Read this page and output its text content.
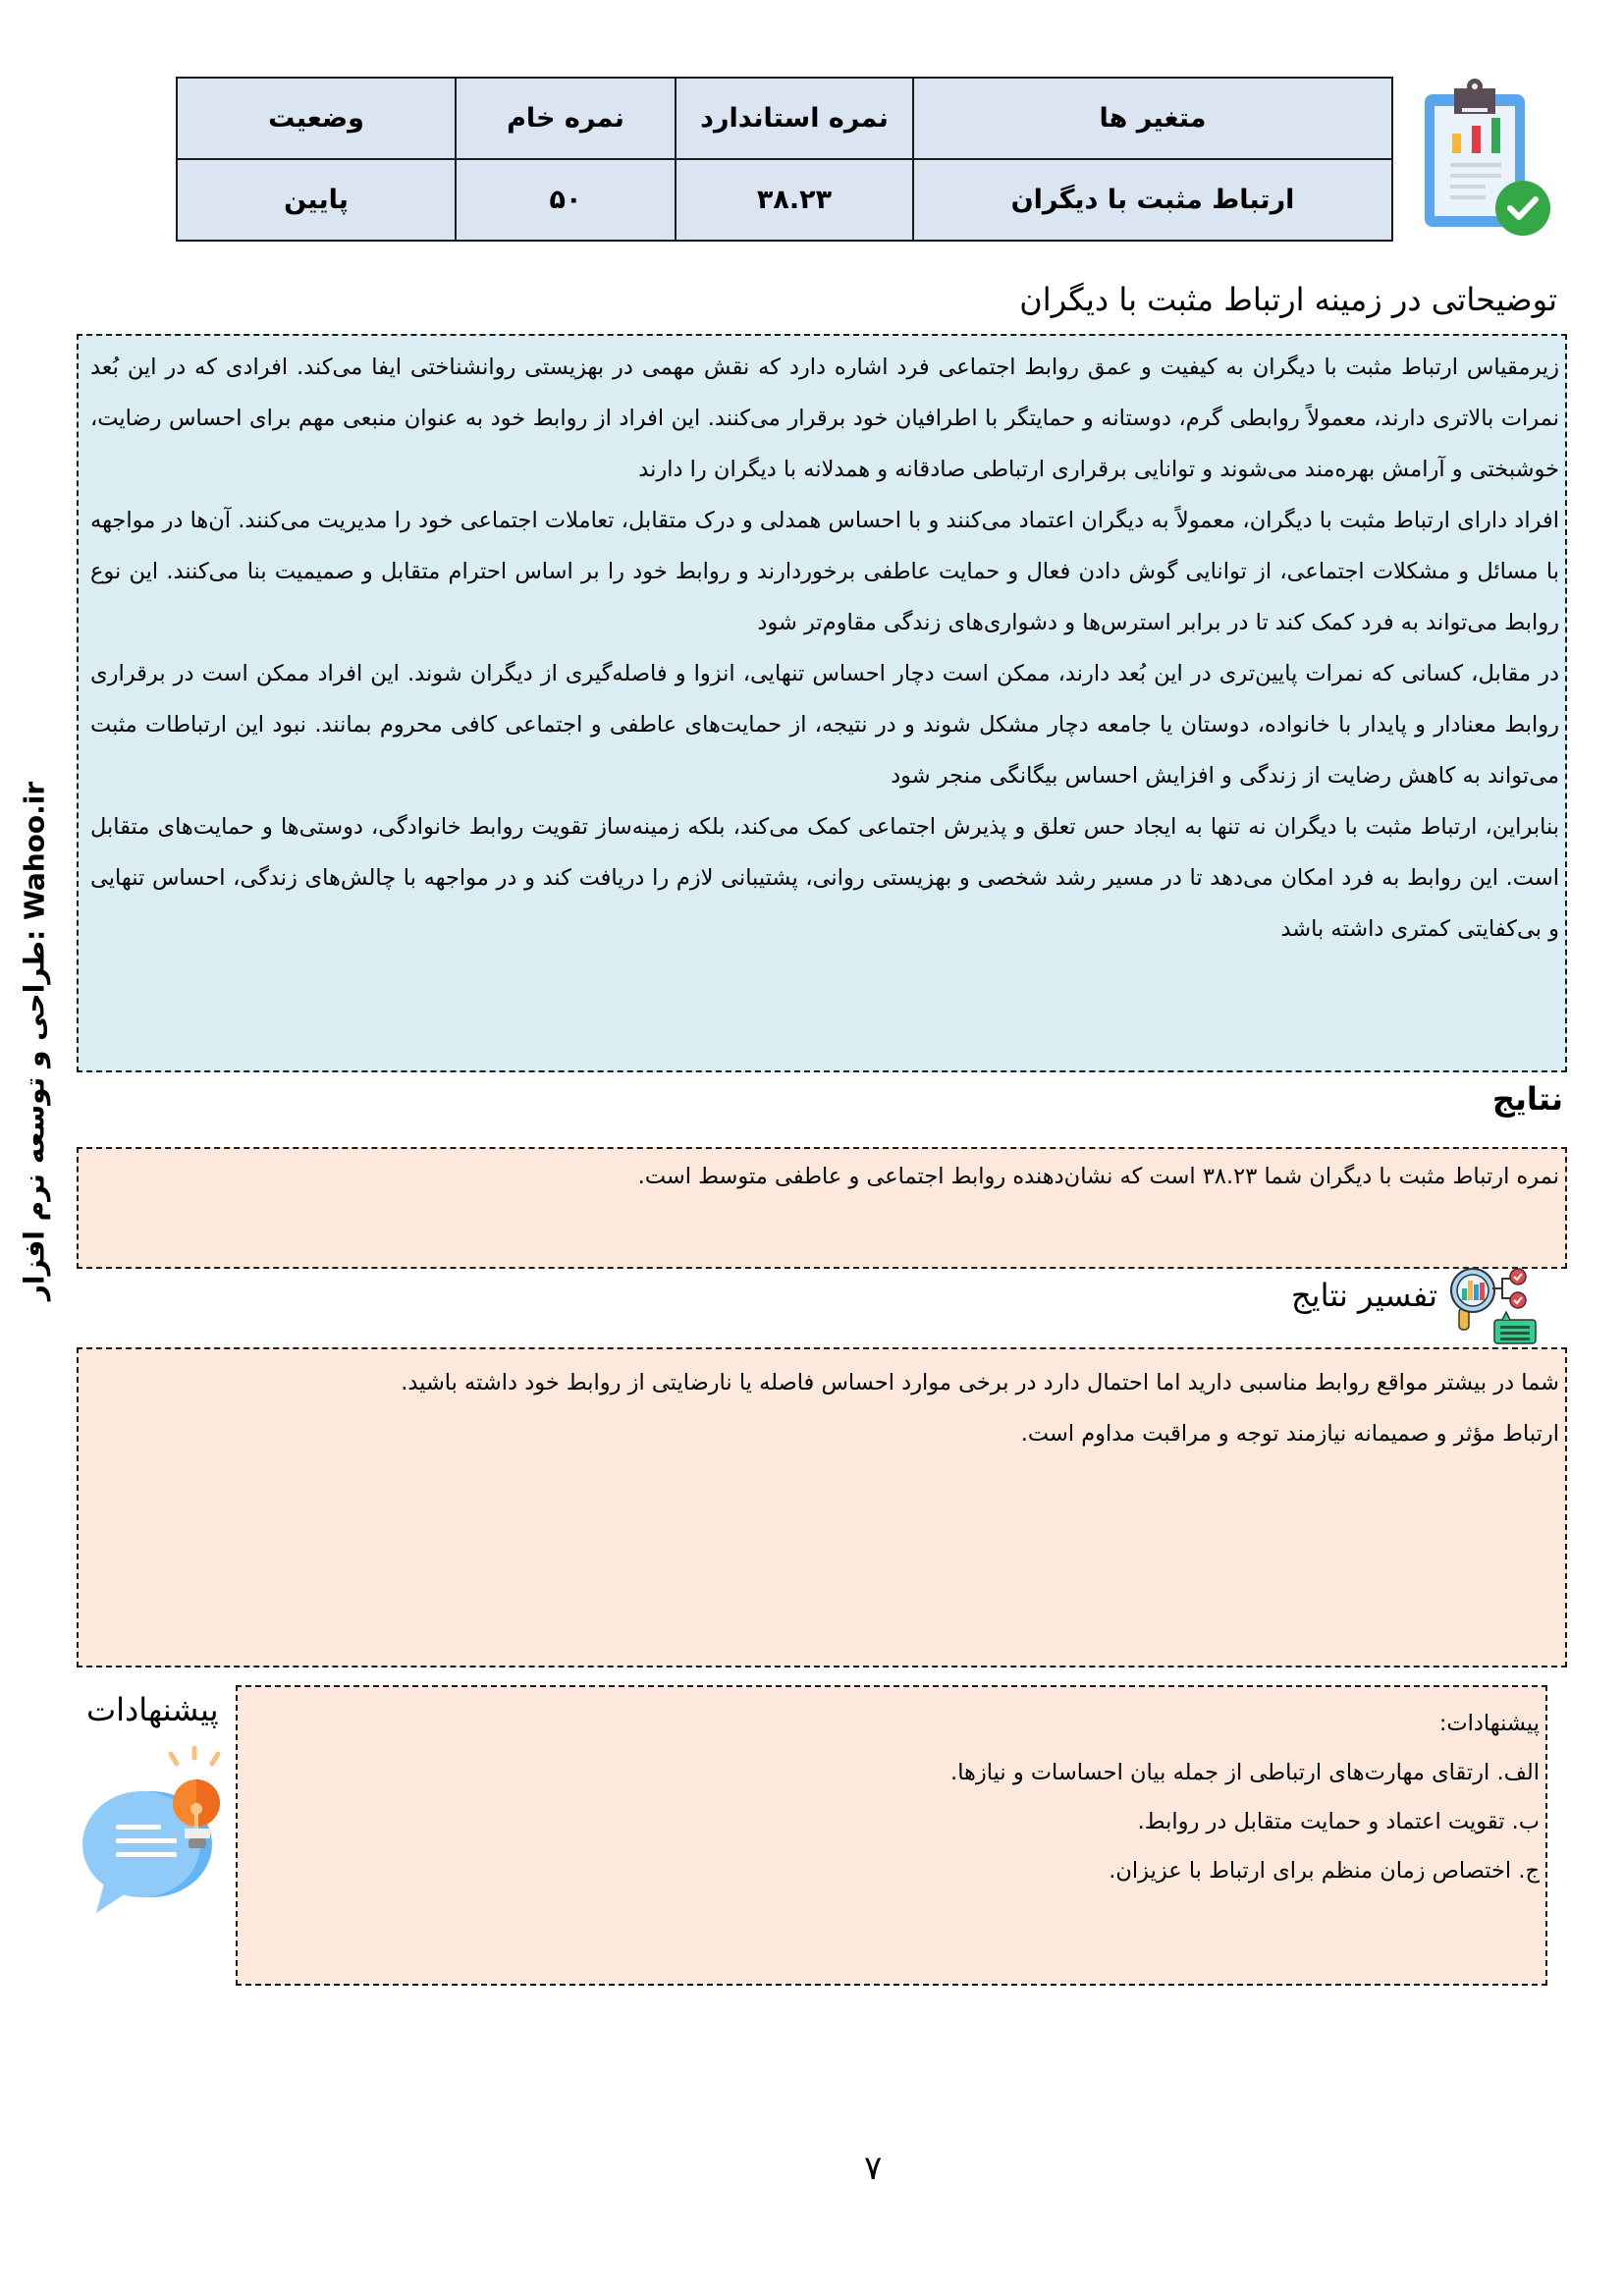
متغیر ها	نمره استاندارد	نمره خام	وضعیت
ارتباط مثبت با دیگران	۳۸.۲۳	۵۰	پایین
توضیحاتی در زمینه ارتباط مثبت با دیگران

زیرمقیاس ارتباط مثبت با دیگران به کیفیت و عمق روابط اجتماعی فرد اشاره دارد که نقش مهمی در بهزیستی روانشناختی ایفا می‌کند. افرادی که در این بُعد نمرات بالاتری دارند، معمولاً روابطی گرم، دوستانه و حمایتگر با اطرافیان خود برقرار می‌کنند. این افراد از روابط خود به عنوان منبعی مهم برای احساس رضایت، خوشبختی و آرامش بهره‌مند می‌شوند و توانایی برقراری ارتباطی صادقانه و همدلانه با دیگران را دارند

افراد دارای ارتباط مثبت با دیگران، معمولاً به دیگران اعتماد می‌کنند و با احساس همدلی و درک متقابل، تعاملات اجتماعی خود را مدیریت می‌کنند. آن‌ها در مواجهه با مسائل و مشکلات اجتماعی، از توانایی گوش دادن فعال و حمایت عاطفی برخوردارند و روابط خود را بر اساس احترام متقابل و صمیمیت بنا می‌کنند. این نوع روابط می‌تواند به فرد کمک کند تا در برابر استرس‌ها و دشواری‌های زندگی مقاوم‌تر شود

در مقابل، کسانی که نمرات پایین‌تری در این بُعد دارند، ممکن است دچار احساس تنهایی، انزوا و فاصله‌گیری از دیگران شوند. این افراد ممکن است در برقراری روابط معنادار و پایدار با خانواده، دوستان یا جامعه دچار مشکل شوند و در نتیجه، از حمایت‌های عاطفی و اجتماعی کافی محروم بمانند. نبود این ارتباطات مثبت می‌تواند به کاهش رضایت از زندگی و افزایش احساس بیگانگی منجر شود

بنابراین، ارتباط مثبت با دیگران نه تنها به ایجاد حس تعلق و پذیرش اجتماعی کمک می‌کند، بلکه زمینه‌ساز تقویت روابط خانوادگی، دوستی‌ها و حمایت‌های متقابل است. این روابط به فرد امکان می‌دهد تا در مسیر رشد شخصی و بهزیستی روانی، پشتیبانی لازم را دریافت کند و در مواجهه با چالش‌های زندگی، احساس تنهایی و بی‌کفایتی کمتری داشته باشد

نتایج
نمره ارتباط مثبت با دیگران شما ۳۸.۲۳ است که نشان‌دهنده روابط اجتماعی و عاطفی متوسط است.
تفسیر نتایج
شما در بیشتر مواقع روابط مناسبی دارید اما احتمال دارد در برخی موارد احساس فاصله یا نارضایتی از روابط خود داشته باشید.
ارتباط مؤثر و صمیمانه نیازمند توجه و مراقبت مداوم است.
پیشنهادات	پیشنهادات:
الف. ارتقای مهارت‌های ارتباطی از جمله بیان احساسات و نیازها.
ب. تقویت اعتماد و حمایت متقابل در روابط.
ج. اختصاص زمان منظم برای ارتباط با عزیزان.
طراحی و توسعه نرم افزار: Wahoo.ir
۷
